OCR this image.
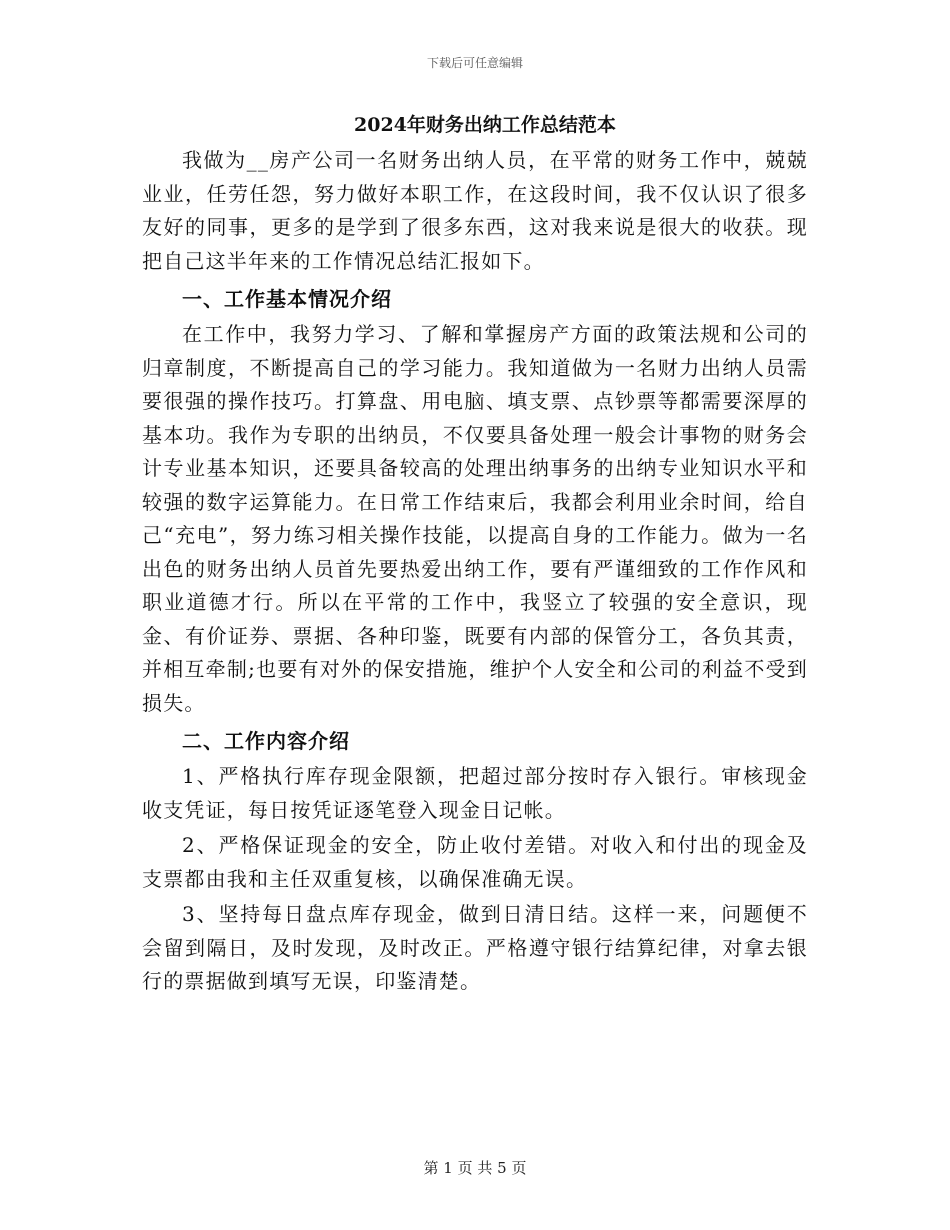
下载后可任意编辑
2024年财务出纳工作总结范本

我做为__房产公司一名财务出纳人员，在平常的财务工作中，兢兢业业，任劳任怨，努力做好本职工作，在这段时间，我不仅认识了很多友好的同事，更多的是学到了很多东西，这对我来说是很大的收获。现把自己这半年来的工作情况总结汇报如下。

一、工作基本情况介绍

在工作中，我努力学习、了解和掌握房产方面的政策法规和公司的归章制度，不断提高自己的学习能力。我知道做为一名财力出纳人员需要很强的操作技巧。打算盘、用电脑、填支票、点钞票等都需要深厚的基本功。我作为专职的出纳员，不仅要具备处理一般会计事物的财务会计专业基本知识，还要具备较高的处理出纳事务的出纳专业知识水平和较强的数字运算能力。在日常工作结束后，我都会利用业余时间，给自己“充电”，努力练习相关操作技能，以提高自身的工作能力。做为一名出色的财务出纳人员首先要热爱出纳工作，要有严谨细致的工作作风和职业道德才行。所以在平常的工作中，我竖立了较强的安全意识，现金、有价证券、票据、各种印鉴，既要有内部的保管分工，各负其责，并相互牵制;也要有对外的保安措施，维护个人安全和公司的利益不受到损失。

二、工作内容介绍

1、严格执行库存现金限额，把超过部分按时存入银行。审核现金收支凭证，每日按凭证逐笔登入现金日记帐。

2、严格保证现金的安全，防止收付差错。对收入和付出的现金及支票都由我和主任双重复核，以确保准确无误。

3、坚持每日盘点库存现金，做到日清日结。这样一来，问题便不会留到隔日，及时发现，及时改正。严格遵守银行结算纪律，对拿去银行的票据做到填写无误，印鉴清楚。

第 1 页 共 5 页
